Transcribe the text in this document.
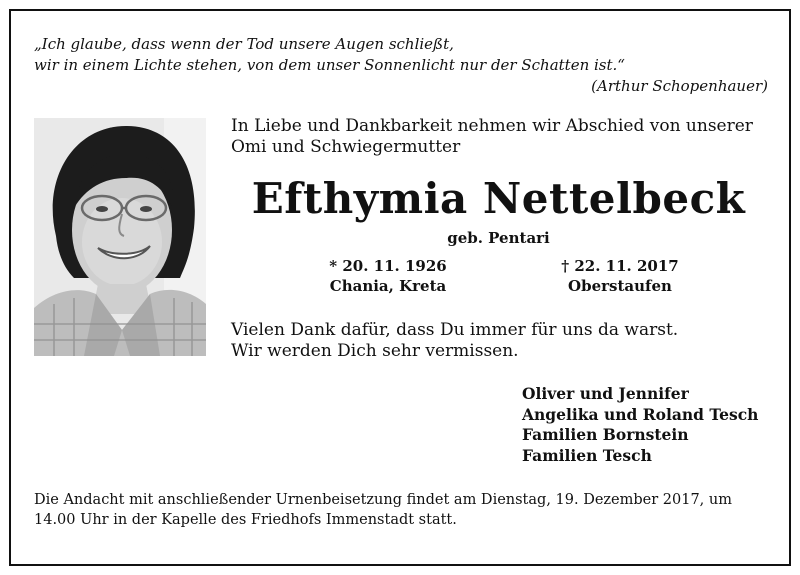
„Ich glaube, dass wenn der Tod unsere Augen schließt,
wir in einem Lichte stehen, von dem unser Sonnenlicht nur der Schatten ist.“
(Arthur Schopenhauer)
In Liebe und Dankbarkeit nehmen wir Abschied von unserer
Omi und Schwiegermutter
Efthymia Nettelbeck
geb. Pentari
* 20. 11. 1926
Chania, Kreta
† 22. 11. 2017
Oberstaufen
Vielen Dank dafür, dass Du immer für uns da warst.
Wir werden Dich sehr vermissen.
Oliver und Jennifer
Angelika und Roland Tesch
Familien Bornstein
Familien Tesch
Die Andacht mit anschließender Urnenbeisetzung findet am Dienstag, 19. Dezember 2017, um 14.00 Uhr in der Kapelle des Friedhofs Immenstadt statt.
